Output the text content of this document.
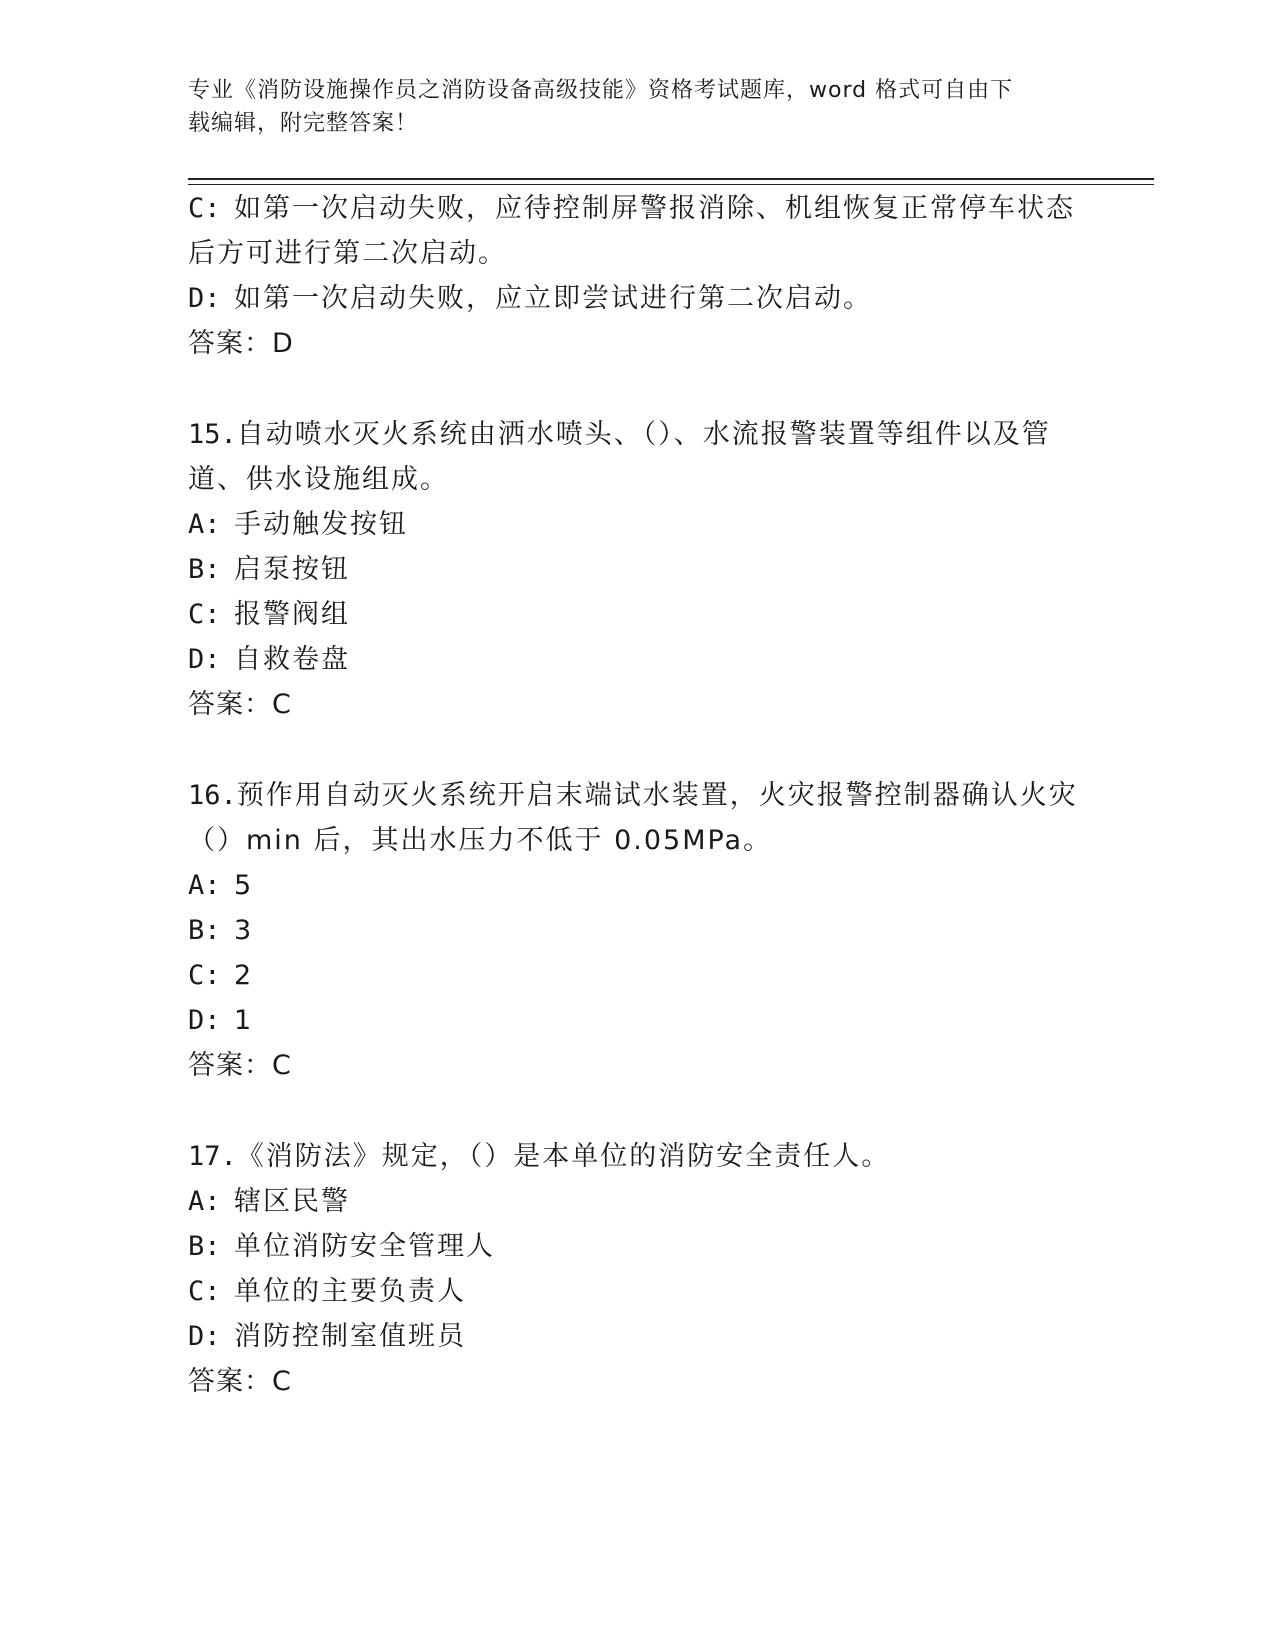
专业《消防设施操作员之消防设备高级技能》资格考试题库，word 格式可自由下
载编辑，附完整答案！
C: 如第一次启动失败，应待控制屏警报消除、机组恢复正常停车状态
后方可进行第二次启动。
D: 如第一次启动失败，应立即尝试进行第二次启动。
答案：D
15.自动喷水灭火系统由洒水喷头、（）、水流报警装置等组件以及管
道、供水设施组成。
A: 手动触发按钮
B: 启泵按钮
C: 报警阀组
D: 自救卷盘
答案：C
16.预作用自动灭火系统开启末端试水装置，火灾报警控制器确认火灾
（）min 后，其出水压力不低于 0.05MPa。
A: 5
B: 3
C: 2
D: 1
答案：C
17.《消防法》规定，（）是本单位的消防安全责任人。
A: 辖区民警
B: 单位消防安全管理人
C: 单位的主要负责人
D: 消防控制室值班员
答案：C
